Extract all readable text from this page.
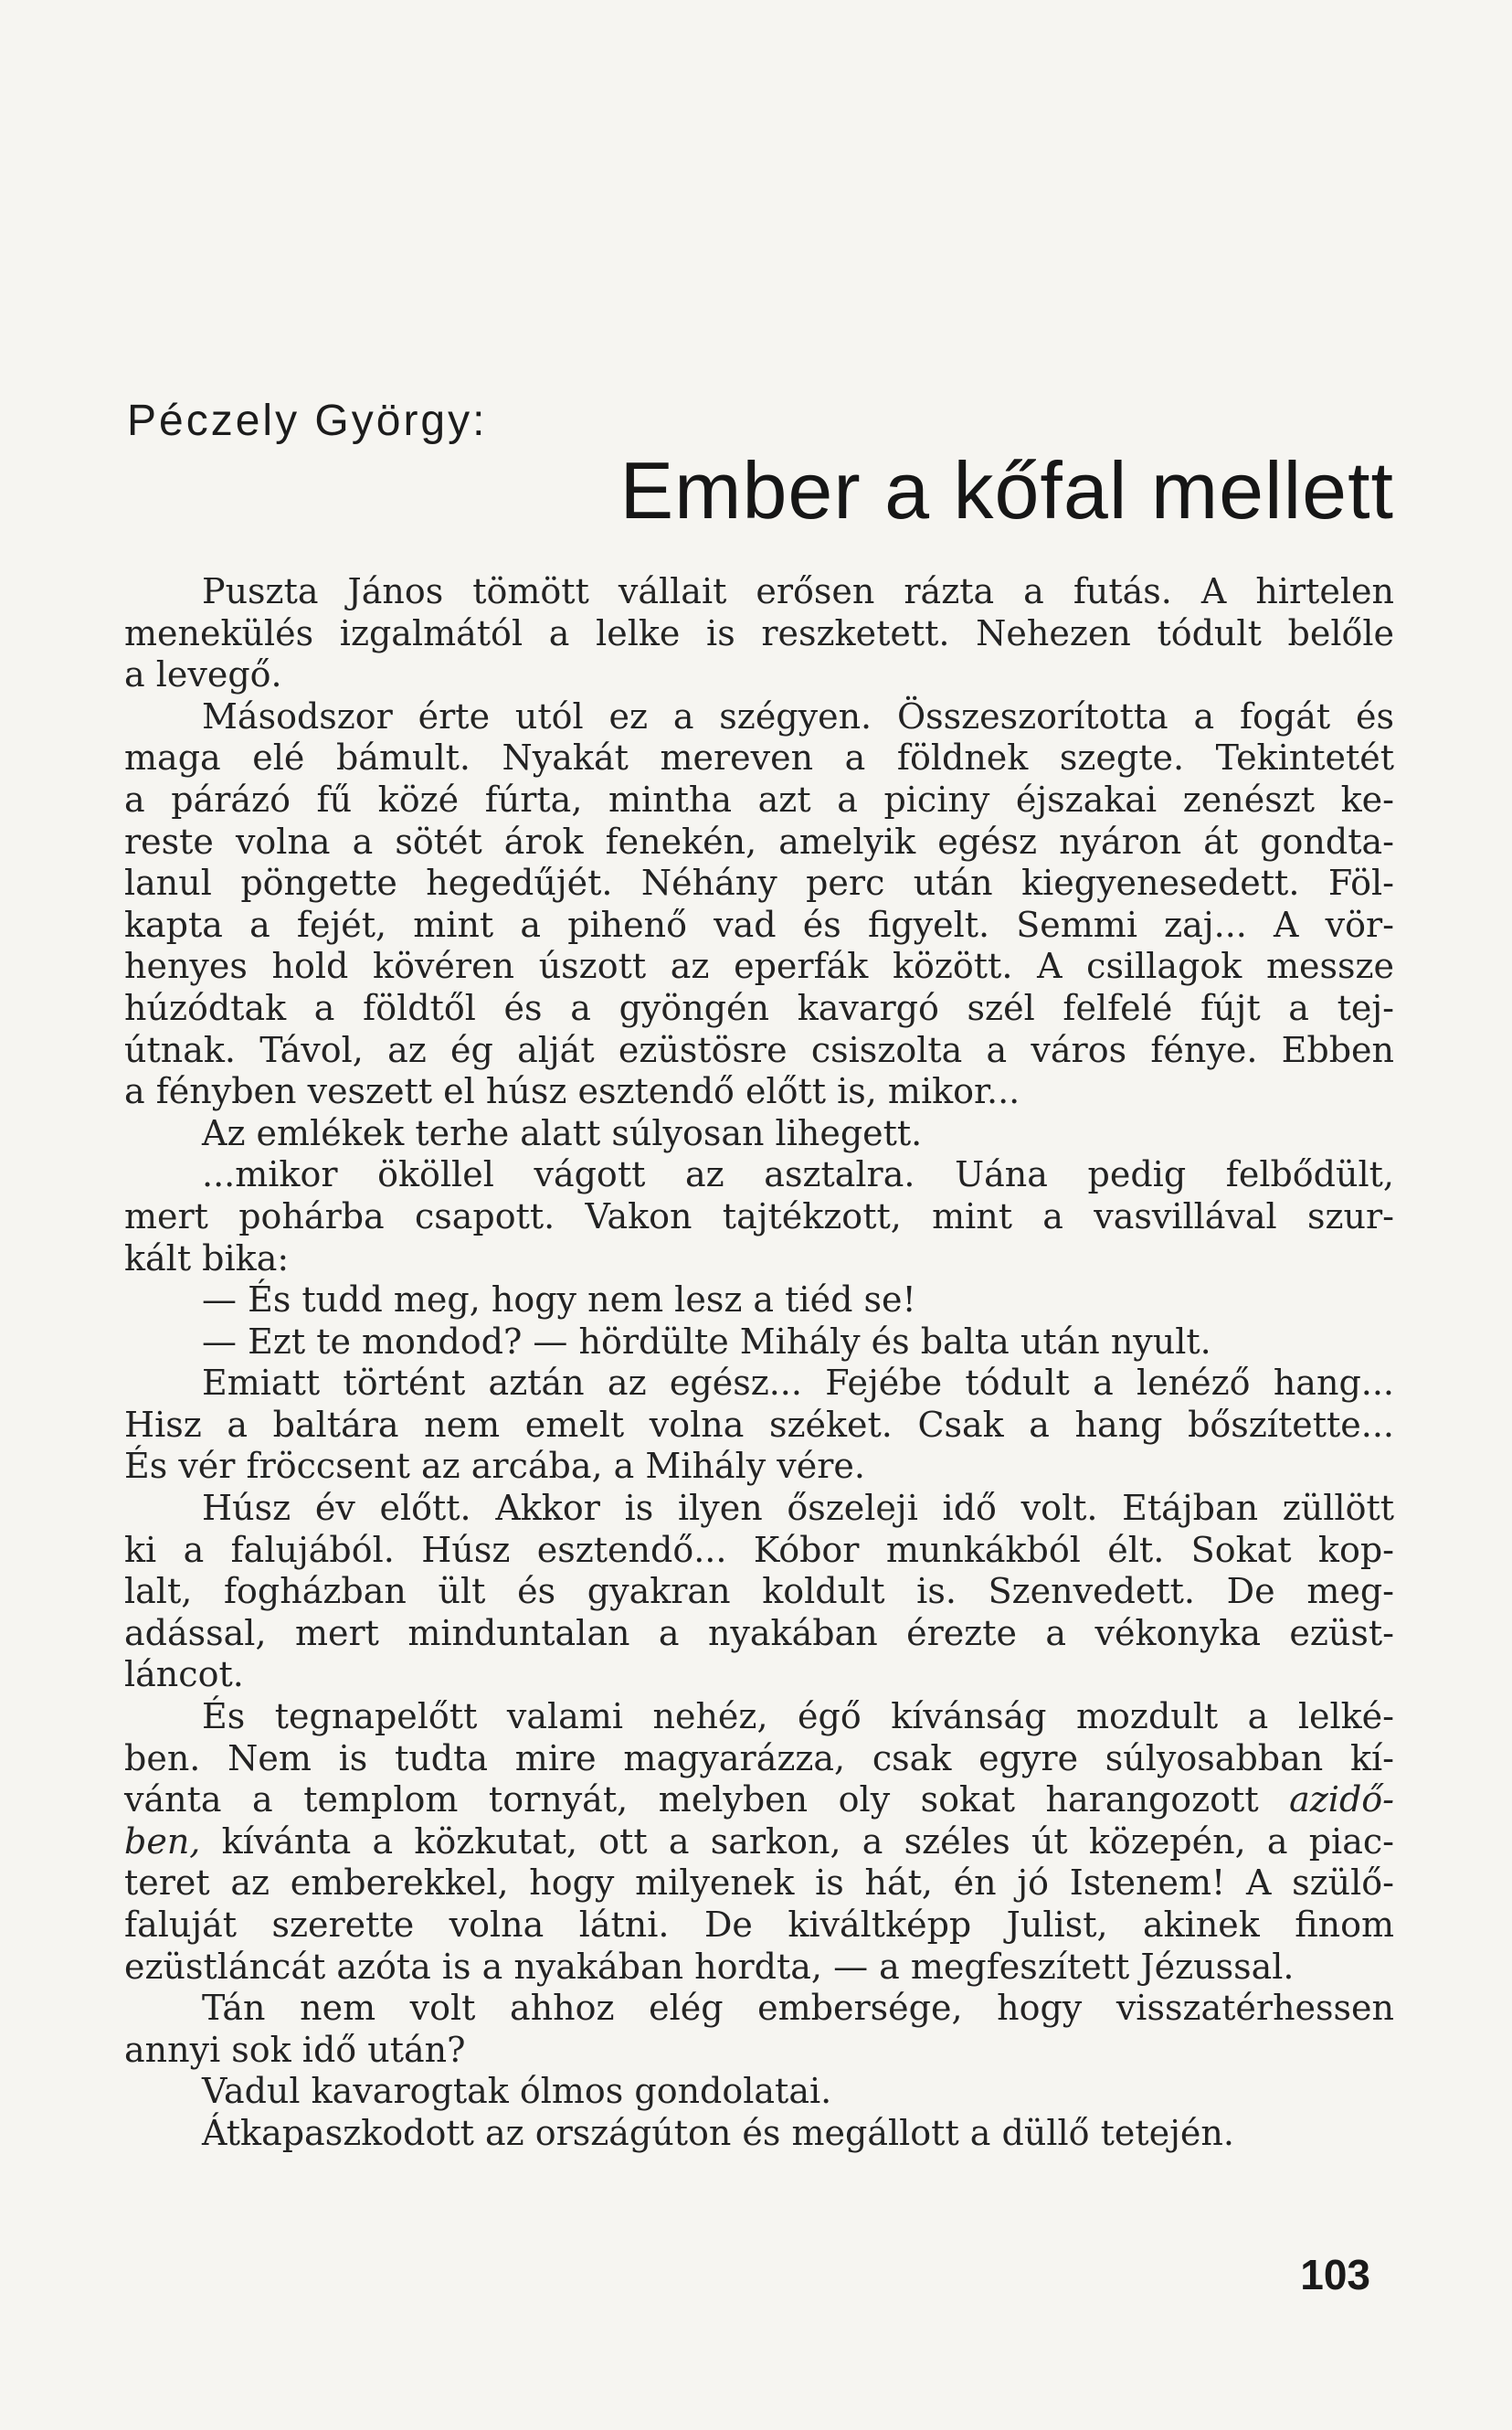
Péczely György:
Ember a kőfal mellett
Puszta János tömött vállait erősen rázta a futás. A hirtelen
menekülés izgalmától a lelke is reszketett. Nehezen tódult belőle
a levegő.
Másodszor érte utól ez a szégyen. Összeszorította a fogát és
maga elé bámult. Nyakát mereven a földnek szegte. Tekintetét
a párázó fű közé fúrta, mintha azt a piciny éjszakai zenészt ke-
reste volna a sötét árok fenekén, amelyik egész nyáron át gondta-
lanul pöngette hegedűjét. Néhány perc után kiegyenesedett. Föl-
kapta a fejét, mint a pihenő vad és figyelt. Semmi zaj... A vör-
henyes hold kövéren úszott az eperfák között. A csillagok messze
húzódtak a földtől és a gyöngén kavargó szél felfelé fújt a tej-
útnak. Távol, az ég alját ezüstösre csiszolta a város fénye. Ebben
a fényben veszett el húsz esztendő előtt is, mikor...
Az emlékek terhe alatt súlyosan lihegett.
...mikor ököllel vágott az asztalra. Uána pedig felbődült,
mert pohárba csapott. Vakon tajtékzott, mint a vasvillával szur-
kált bika:
— És tudd meg, hogy nem lesz a tiéd se!
— Ezt te mondod? — hördülte Mihály és balta után nyult.
Emiatt történt aztán az egész... Fejébe tódult a lenéző hang...
Hisz a baltára nem emelt volna széket. Csak a hang bőszítette...
És vér fröccsent az arcába, a Mihály vére.
Húsz év előtt. Akkor is ilyen őszeleji idő volt. Etájban züllött
ki a falujából. Húsz esztendő... Kóbor munkákból élt. Sokat kop-
lalt, fogházban ült és gyakran koldult is. Szenvedett. De meg-
adással, mert minduntalan a nyakában érezte a vékonyka ezüst-
láncot.
És tegnapelőtt valami nehéz, égő kívánság mozdult a lelké-
ben. Nem is tudta mire magyarázza, csak egyre súlyosabban kí-
vánta a templom tornyát, melyben oly sokat harangozott azidő-
ben, kívánta a közkutat, ott a sarkon, a széles út közepén, a piac-
teret az emberekkel, hogy milyenek is hát, én jó Istenem! A szülő-
faluját szerette volna látni. De kiváltképp Julist, akinek finom
ezüstláncát azóta is a nyakában hordta, — a megfeszített Jézussal.
Tán nem volt ahhoz elég embersége, hogy visszatérhessen
annyi sok idő után?
Vadul kavarogtak ólmos gondolatai.
Átkapaszkodott az országúton és megállott a düllő tetején.
103
